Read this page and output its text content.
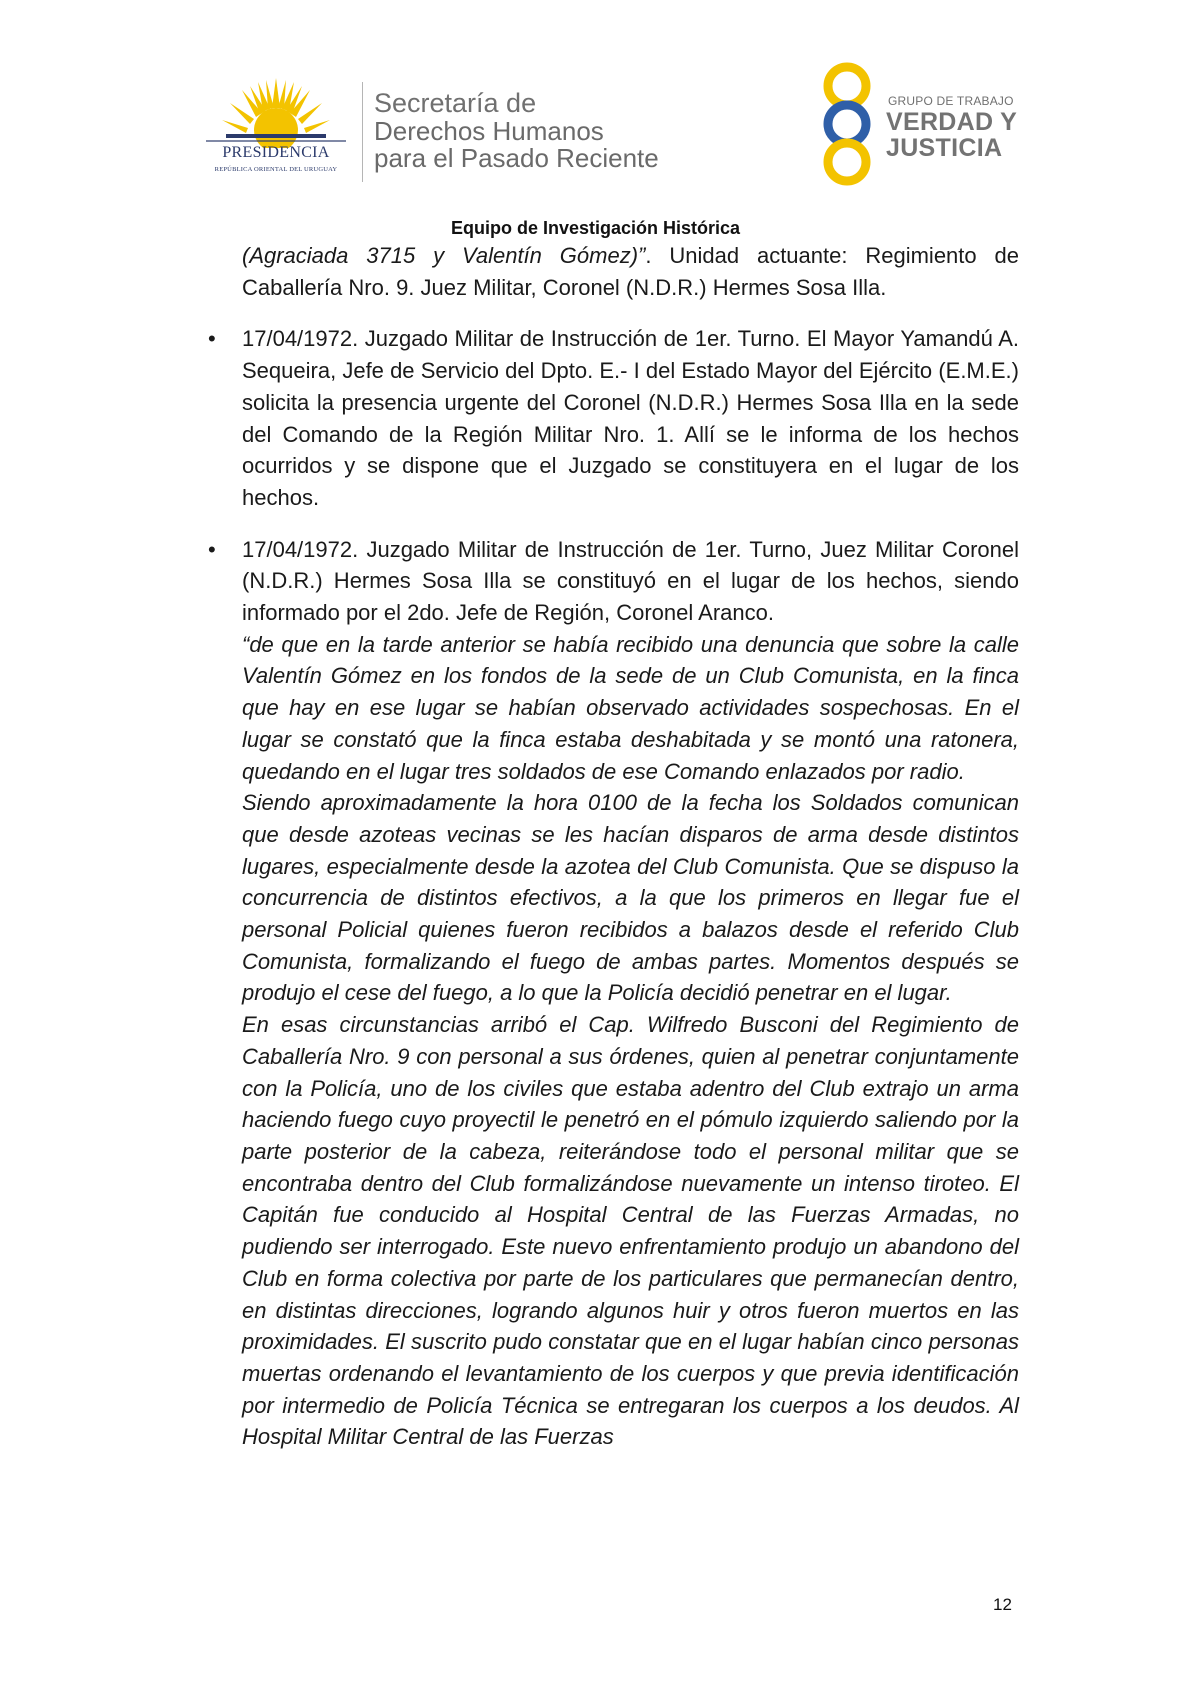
PRESIDENCIA
REPÚBLICA ORIENTAL DEL URUGUAY
Secretaría de
Derechos Humanos
para el Pasado Reciente
GRUPO DE TRABAJO
VERDAD Y
JUSTICIA
Equipo de Investigación Histórica

(Agraciada 3715 y Valentín Gómez)”. Unidad actuante: Regimiento de Caballería Nro. 9. Juez Militar, Coronel (N.D.R.) Hermes Sosa Illa.

• 17/04/1972. Juzgado Militar de Instrucción de 1er. Turno. El Mayor Yamandú A. Sequeira, Jefe de Servicio del Dpto. E.- I del Estado Mayor del Ejército (E.M.E.) solicita la presencia urgente del Coronel (N.D.R.) Hermes Sosa Illa en la sede del Comando de la Región Militar Nro. 1. Allí se le informa de los hechos ocurridos y se dispone que el Juzgado se constituyera en el lugar de los hechos.

• 17/04/1972. Juzgado Militar de Instrucción de 1er. Turno, Juez Militar Coronel (N.D.R.) Hermes Sosa Illa se constituyó en el lugar de los hechos, siendo informado por el 2do. Jefe de Región, Coronel Aranco.

“de que en la tarde anterior se había recibido una denuncia que sobre la calle Valentín Gómez en los fondos de la sede de un Club Comunista, en la finca que hay en ese lugar se habían observado actividades sospechosas. En el lugar se constató que la finca estaba deshabitada y se montó una ratonera, quedando en el lugar tres soldados de ese Comando enlazados por radio.

Siendo aproximadamente la hora 0100 de la fecha los Soldados comunican que desde azoteas vecinas se les hacían disparos de arma desde distintos lugares, especialmente desde la azotea del Club Comunista. Que se dispuso la concurrencia de distintos efectivos, a la que los primeros en llegar fue el personal Policial quienes fueron recibidos a balazos desde el referido Club Comunista, formalizando el fuego de ambas partes. Momentos después se produjo el cese del fuego, a lo que la Policía decidió penetrar en el lugar.

En esas circunstancias arribó el Cap. Wilfredo Busconi del Regimiento de Caballería Nro. 9 con personal a sus órdenes, quien al penetrar conjuntamente con la Policía, uno de los civiles que estaba adentro del Club extrajo un arma haciendo fuego cuyo proyectil le penetró en el pómulo izquierdo saliendo por la parte posterior de la cabeza, reiterándose todo el personal militar que se encontraba dentro del Club formalizándose nuevamente un intenso tiroteo. El Capitán fue conducido al Hospital Central de las Fuerzas Armadas, no pudiendo ser interrogado. Este nuevo enfrentamiento produjo un abandono del Club en forma colectiva por parte de los particulares que permanecían dentro, en distintas direcciones, logrando algunos huir y otros fueron muertos en las proximidades. El suscrito pudo constatar que en el lugar habían cinco personas muertas ordenando el levantamiento de los cuerpos y que previa identificación por intermedio de Policía Técnica se entregaran los cuerpos a los deudos. Al Hospital Militar Central de las Fuerzas

12
